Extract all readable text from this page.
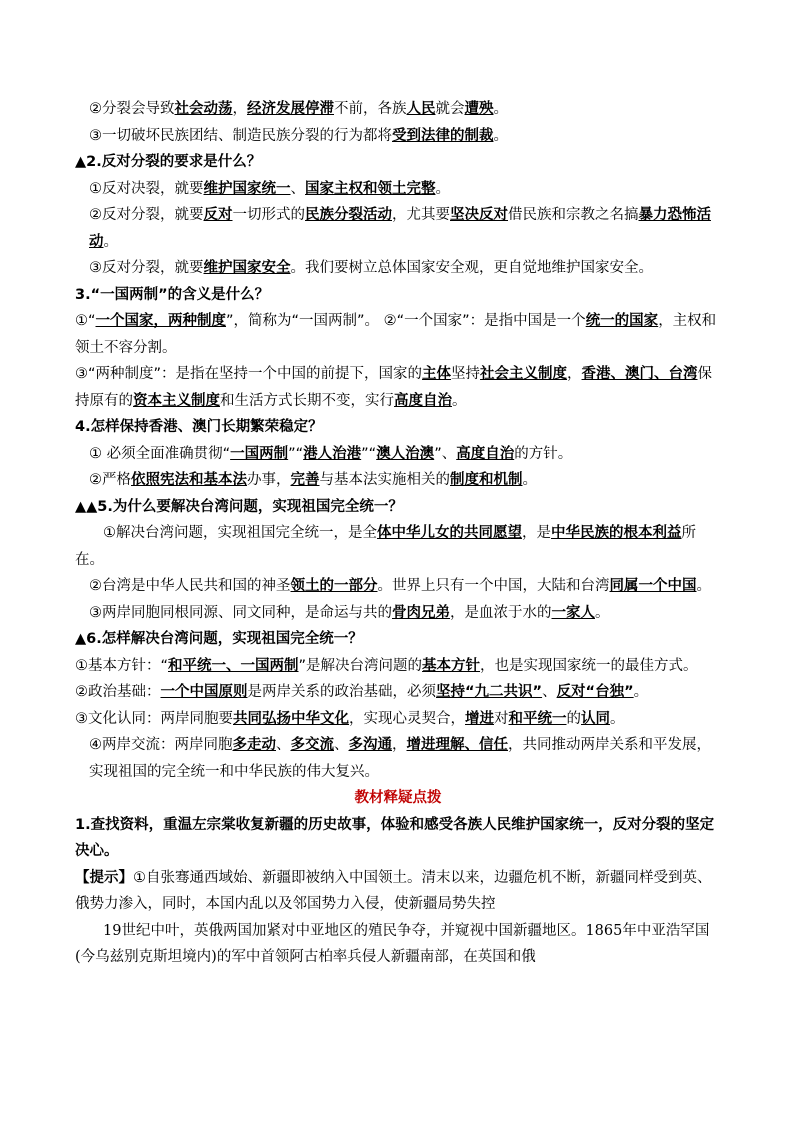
②分裂会导致社会动荡，经济发展停滞不前，各族人民就会遭殃。

③一切破坏民族团结、制造民族分裂的行为都将受到法律的制裁。

▲2.反对分裂的要求是什么？

①反对决裂，就要维护国家统一、国家主权和领土完整。

②反对分裂，就要反对一切形式的民族分裂活动，尤其要坚决反对借民族和宗教之名搞暴力恐怖活动。

③反对分裂，就要维护国家安全。我们要树立总体国家安全观，更自觉地维护国家安全。

3.“一国两制”的含义是什么？

①“一个国家，两种制度”，简称为“一国两制”。 ②“一个国家”：是指中国是一个统一的国家，主权和领土不容分割。

③“两种制度”：是指在坚持一个中国的前提下，国家的主体坚持社会主义制度，香港、澳门、台湾保持原有的资本主义制度和生活方式长期不变，实行高度自治。

4.怎样保持香港、澳门长期繁荣稳定？

① 必须全面准确贯彻“一国两制”“港人治港”“澳人治澳”、高度自治的方针。

②严格依照宪法和基本法办事，完善与基本法实施相关的制度和机制。

▲▲5.为什么要解决台湾问题，实现祖国完全统一？

①解决台湾问题，实现祖国完全统一，是全体中华儿女的共同愿望，是中华民族的根本利益所在。

②台湾是中华人民共和国的神圣领土的一部分。世界上只有一个中国，大陆和台湾同属一个中国。

③两岸同胞同根同源、同文同种，是命运与共的骨肉兄弟，是血浓于水的一家人。

▲6.怎样解决台湾问题，实现祖国完全统一？

①基本方针：“和平统一、一国两制”是解决台湾问题的基本方针，也是实现国家统一的最佳方式。

②政治基础：一个中国原则是两岸关系的政治基础，必须坚持“九二共识”、反对“台独”。

③文化认同：两岸同胞要共同弘扬中华文化，实现心灵契合，增进对和平统一的认同。

④两岸交流：两岸同胞多走动、多交流、多沟通，增进理解、信任，共同推动两岸关系和平发展，实现祖国的完全统一和中华民族的伟大复兴。

教材释疑点拨

1.查找资料，重温左宗棠收复新疆的历史故事，体验和感受各族人民维护国家统一，反对分裂的坚定决心。

【提示】①自张骞通西域始、新疆即被纳入中国领土。清末以来，边疆危机不断，新疆同样受到英、俄势力渗入，同时，本国内乱以及邻国势力入侵，使新疆局势失控

19世纪中叶，英俄两国加紧对中亚地区的殖民争夺，并窥视中国新疆地区。1865年中亚浩罕国(今乌兹别克斯坦境内)的军中首领阿古柏率兵侵人新疆南部，在英国和俄
